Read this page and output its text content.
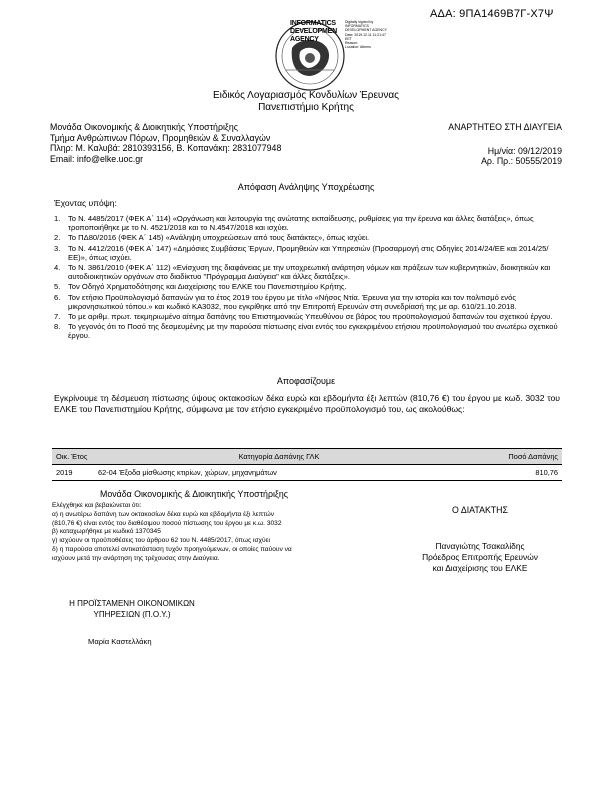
ΑΔΑ: 9ΠΑ1469Β7Γ-Χ7Ψ
INFORMATICS
DEVELOPMEN
AGENCY
Digitally signed by
INFORMATICS
DEVELOPMENT AGENCY
Date: 2019.12.11 11:21:47
EET
Reason:
Location: Athens
Ειδικός Λογαριασμός Κονδυλίων Έρευνας
Πανεπιστήμιο Κρήτης
Μονάδα Οικονομικής & Διοικητικής Υποστήριξης
Τμήμα Ανθρώπινων Πόρων, Προμηθειών & Συναλλαγών
Πληρ: Μ. Καλυβά: 2810393156, Β. Κοπανάκη: 2831077948
Email: info@elke.uoc.gr
ΑΝΑΡΤΗΤΕΟ ΣΤΗ ΔΙΑΥΓΕΙΑ
Ημ/νία: 09/12/2019
Αρ. Πρ.: 50555/2019
Απόφαση Ανάληψης Υποχρέωσης
Έχοντας υπόψη:
1.	Το Ν. 4485/2017 (ΦΕΚ Α΄ 114) «Οργάνωση και λειτουργία της ανώτατης εκπαίδευσης, ρυθμίσεις για την έρευνα και άλλες διατάξεις», όπως τροποποιήθηκε με το Ν. 4521/2018 και το Ν.4547/2018 και ισχύει.
2.	Το ΠΔ80/2016 (ΦΕΚ Α΄ 145) «Ανάληψη υποχρεώσεων από τους διατάκτες», όπως ισχύει.
3.	Το Ν. 4412/2016 (ΦΕΚ Α΄ 147) «Δημόσιες Συμβάσεις Έργων, Προμηθειών και Υπηρεσιών (Προσαρμογή στις Οδηγίες 2014/24/ΕΕ και 2014/25/ΕΕ)», όπως ισχύει.
4.	Το Ν. 3861/2010 (ΦΕΚ Α΄ 112) «Ενίσχυση της διαφάνειας με την υποχρεωτική ανάρτηση νόμων και πράξεων των κυβερνητικών, διοικητικών και αυτοδιοικητικών οργάνων στο διαδίκτυο "Πρόγραμμα Διαύγεια" και άλλες διατάξεις».
5.	Τον Οδηγό Χρηματοδότησης και Διαχείρισης του ΕΛΚΕ του Πανεπιστημίου Κρήτης.
6.	Τον ετήσιο Προϋπολογισμό δαπανών για το έτος 2019 του έργου με τίτλο «Νήσος Ντία. Έρευνα για την ιστορία και τον πολιτισμό ενός μικρονησιωτικού τόπου.» και κωδικό ΚΑ3032, που εγκρίθηκε από την Επιτροπή Ερευνών στη συνεδρίασή της με αρ. 610/21.10.2018.
7.	Το με αριθμ. πρωτ. τεκμηριωμένο αίτημα δαπάνης του Επιστημονικώς Υπευθύνου σε βάρος του προϋπολογισμού δαπανών του σχετικού έργου.
8.	Το γεγονός ότι το Ποσό της δεσμευμένης με την παρούσα πίστωσης είναι εντός του εγκεκριμένου ετήσιου προϋπολογισμού του ανωτέρω σχετικού έργου.
Αποφασίζουμε
Εγκρίνουμε τη δέσμευση πίστωσης ύψους οκτακοσίων δέκα ευρώ και εβδομήντα έξι λεπτών (810,76 €) του έργου με κωδ. 3032 του ΕΛΚΕ του Πανεπιστημίου Κρήτης, σύμφωνα με τον ετήσιο εγκεκριμένο προϋπολογισμό του, ως ακολούθως:
Οικ. Έτος	Κατηγορία Δαπάνης ΓΛΚ	Ποσό Δαπάνης
2019	62-04 Έξοδα μίσθωσης κτιρίων, χώρων, μηχανημάτων	810,76
Μονάδα Οικονομικής & Διοικητικής Υποστήριξης
Ελέγχθηκε και βεβαιώνεται ότι:
α) η ανωτέρω δαπάνη των οκτακοσίων δέκα ευρώ και εβδομήντα έξι λεπτών
(810,76 €) είναι εντός του διαθέσιμου ποσού πίστωσης του έργου με κ.ω. 3032
β) καταχωρήθηκε με κωδικό 1370345
γ) ισχύουν οι προϋποθέσεις του άρθρου 62 του Ν. 4485/2017, όπως ισχύει
δ) η παρούσα αποτελεί αντικατάσταση τυχόν προηγούμενων, οι οποίες παύουν να
ισχύουν μετά την ανάρτηση της τρέχουσας στην Διαύγεια.
Ο ΔΙΑΤΑΚΤΗΣ
Παναγιώτης Τσακαλίδης
Πρόεδρος Επιτροπής Ερευνών
και Διαχείρισης του ΕΛΚΕ
Η ΠΡΟΪΣΤΑΜΕΝΗ ΟΙΚΟΝΟΜΙΚΩΝ
ΥΠΗΡΕΣΙΩΝ (Π.Ο.Υ.)
Μαρία Καστελλάκη
